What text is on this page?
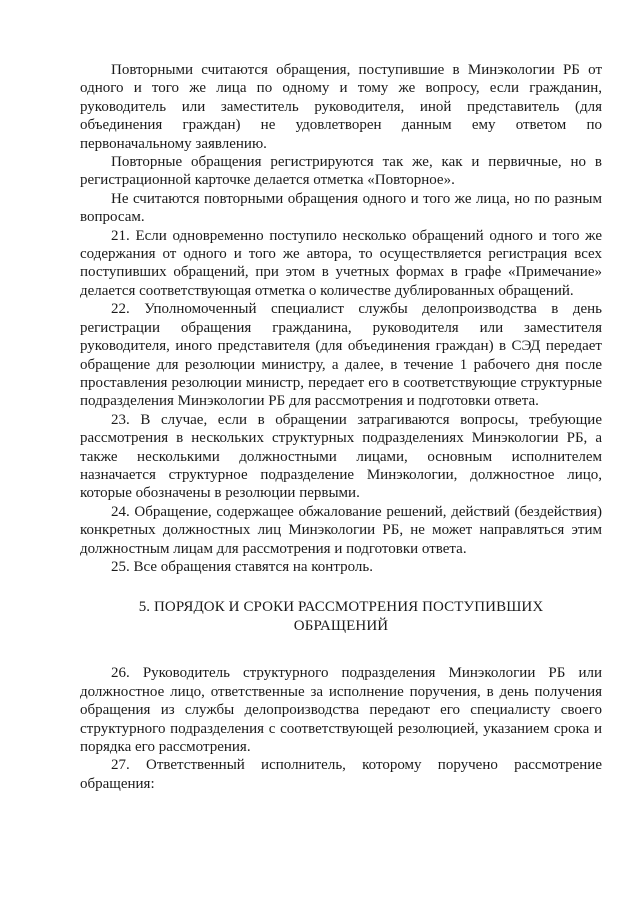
Повторными считаются обращения, поступившие в Минэкологии РБ от одного и того же лица по одному и тому же вопросу, если гражданин, руководитель или заместитель руководителя, иной представитель (для объединения граждан) не удовлетворен данным ему ответом по первоначальному заявлению.

Повторные обращения регистрируются так же, как и первичные, но в регистрационной карточке делается отметка «Повторное».

Не считаются повторными обращения одного и того же лица, но по разным вопросам.

21. Если одновременно поступило несколько обращений одного и того же содержания от одного и того же автора, то осуществляется регистрация всех поступивших обращений, при этом в учетных формах в графе «Примечание» делается соответствующая отметка о количестве дублированных обращений.

22. Уполномоченный специалист службы делопроизводства в день регистрации обращения гражданина, руководителя или заместителя руководителя, иного представителя (для объединения граждан) в СЭД передает обращение для резолюции министру, а далее, в течение 1 рабочего дня после проставления резолюции министр, передает его в соответствующие структурные подразделения Минэкологии РБ для рассмотрения и подготовки ответа.

23. В случае, если в обращении затрагиваются вопросы, требующие рассмотрения в нескольких структурных подразделениях Минэкологии РБ, а также несколькими должностными лицами, основным исполнителем назначается структурное подразделение Минэкологии, должностное лицо, которые обозначены в резолюции первыми.

24. Обращение, содержащее обжалование решений, действий (бездействия) конкретных должностных лиц Минэкологии РБ, не может направляться этим должностным лицам для рассмотрения и подготовки ответа.

25. Все обращения ставятся на контроль.

5. ПОРЯДОК И СРОКИ РАССМОТРЕНИЯ ПОСТУПИВШИХ
ОБРАЩЕНИЙ

26. Руководитель структурного подразделения Минэкологии РБ или должностное лицо, ответственные за исполнение поручения, в день получения обращения из службы делопроизводства передают его специалисту своего структурного подразделения с соответствующей резолюцией, указанием срока и порядка его рассмотрения.

27. Ответственный исполнитель, которому поручено рассмотрение обращения:
